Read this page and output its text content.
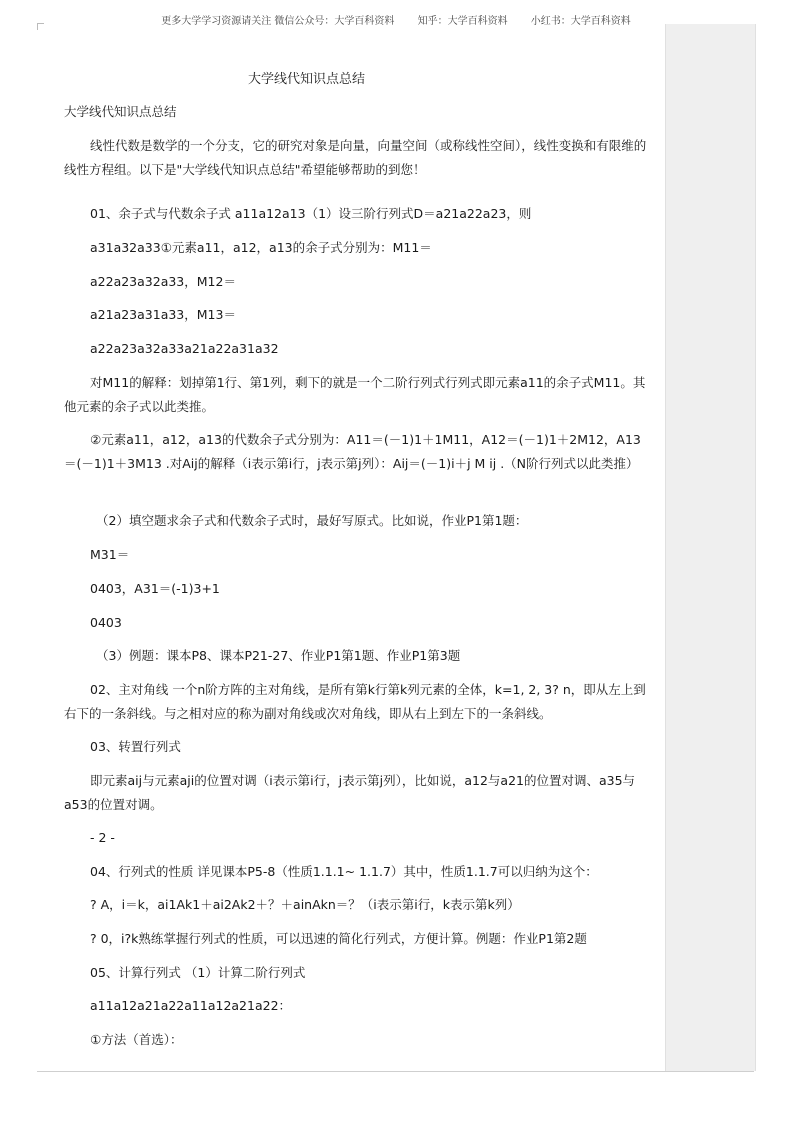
更多大学学习资源请关注 微信公众号：大学百科资料 知乎：大学百科资料 小红书：大学百科资料
大学线代知识点总结

大学线代知识点总结

线性代数是数学的一个分支，它的研究对象是向量，向量空间（或称线性空间），线性变换和有限维的线性方程组。以下是"大学线代知识点总结"希望能够帮助的到您！

01、余子式与代数余子式 a11a12a13（1）设三阶行列式D＝a21a22a23，则

a31a32a33①元素a11，a12，a13的余子式分别为：M11＝

a22a23a32a33，M12＝

a21a23a31a33，M13＝

a22a23a32a33a21a22a31a32

对M11的解释：划掉第1行、第1列，剩下的就是一个二阶行列式行列式即元素a11的余子式M11。其他元素的余子式以此类推。

②元素a11，a12，a13的代数余子式分别为：A11＝(－1)1＋1M11，A12＝(－1)1＋2M12，A13＝(－1)1＋3M13 .对Aij的解释（i表示第i行，j表示第j列）：Aij＝(－1)i＋j M ij .（N阶行列式以此类推）

（2）填空题求余子式和代数余子式时，最好写原式。比如说，作业P1第1题：

M31＝

0403，A31＝(-1)3+1

0403

（3）例题：课本P8、课本P21-27、作业P1第1题、作业P1第3题

02、主对角线 一个n阶方阵的主对角线，是所有第k行第k列元素的全体，k=1, 2, 3? n，即从左上到右下的一条斜线。与之相对应的称为副对角线或次对角线，即从右上到左下的一条斜线。

03、转置行列式

即元素aij与元素aji的位置对调（i表示第i行，j表示第j列），比如说，a12与a21的位置对调、a35与a53的位置对调。

- 2 -

04、行列式的性质 详见课本P5-8（性质1.1.1~ 1.1.7）其中，性质1.1.7可以归纳为这个：

? A，i＝k，ai1Ak1＋ai2Ak2＋？＋ainAkn＝？（i表示第i行，k表示第k列）

? 0，i?k熟练掌握行列式的性质，可以迅速的简化行列式，方便计算。例题：作业P1第2题

05、计算行列式 （1）计算二阶行列式

a11a12a21a22a11a12a21a22：

①方法（首选）：
